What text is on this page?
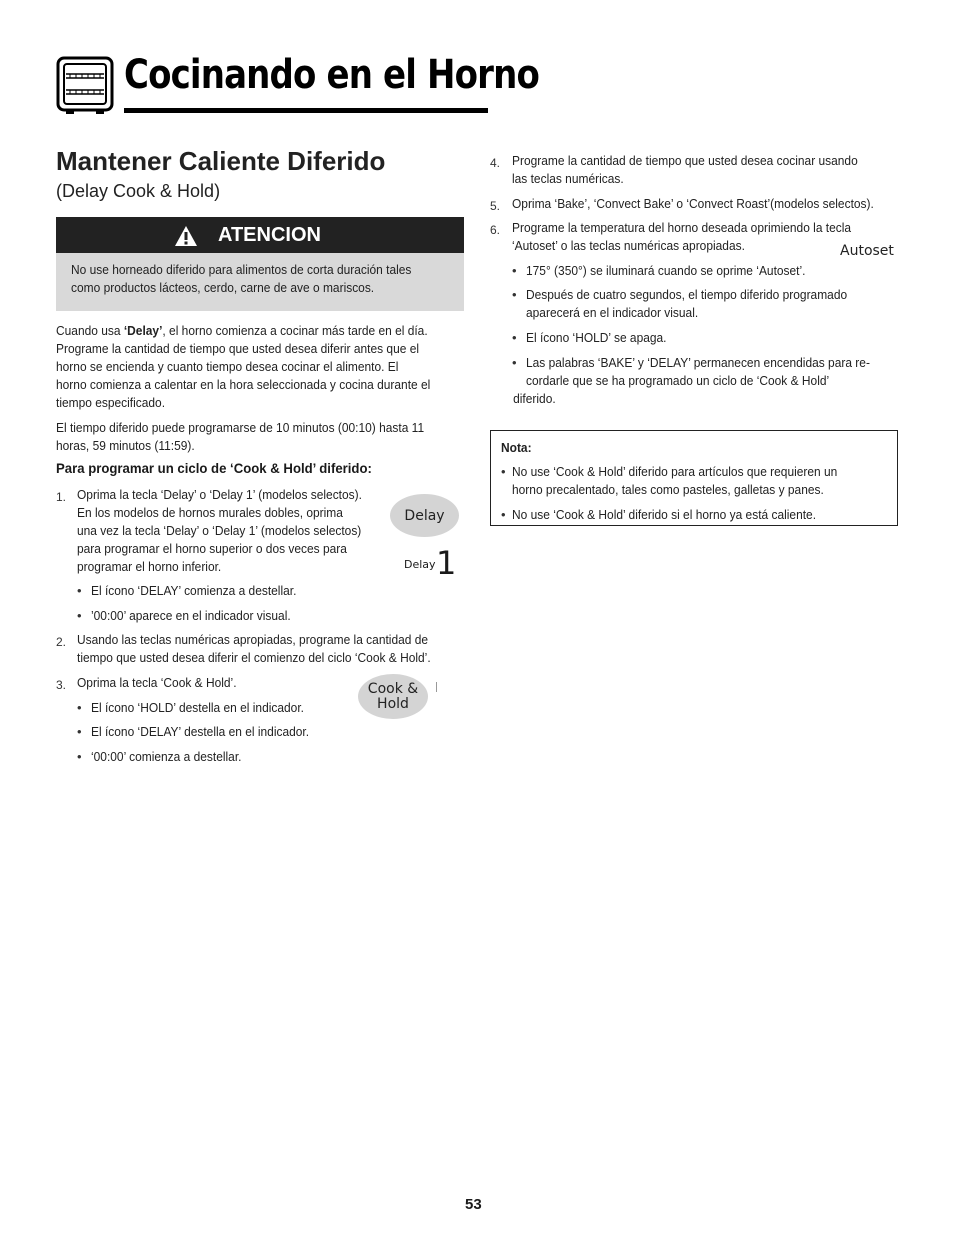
Cocinando en el Horno
Mantener Caliente Diferido
(Delay Cook & Hold)
ATENCION
No use horneado diferido para alimentos de corta duración tales
como productos lácteos, cerdo, carne de ave o mariscos.
Cuando usa ‘Delay’, el horno comienza a cocinar más tarde en el día.
Programe la cantidad de tiempo que usted desea diferir antes que el
horno se encienda y cuanto tiempo desea cocinar el alimento. El
horno comienza a calentar en la hora seleccionada y cocina durante el
tiempo especificado.
El tiempo diferido puede programarse de 10 minutos (00:10) hasta 11
horas, 59 minutos (11:59).
Para programar un ciclo de ‘Cook & Hold’ diferido:
1. Oprima la tecla ‘Delay’ o ‘Delay 1’ (modelos selectos).
En los modelos de hornos murales dobles, oprima
una vez la tecla ‘Delay’ o ‘Delay 1’ (modelos selectos)
para programar el horno superior o dos veces para
programar el horno inferior.
• El ícono ‘DELAY’ comienza a destellar.
• ’00:00’ aparece en el indicador visual.
2. Usando las teclas numéricas apropiadas, programe la cantidad de
tiempo que usted desea diferir el comienzo del ciclo ‘Cook & Hold’.
3. Oprima la tecla ‘Cook & Hold’.
• El ícono ‘HOLD’ destella en el indicador.
• El ícono ‘DELAY’ destella en el indicador.
• ‘00:00’ comienza a destellar.
Delay
Delay 1
Cook &
Hold
4. Programe la cantidad de tiempo que usted desea cocinar usando
las teclas numéricas.
5. Oprima ‘Bake’, ‘Convect Bake’ o ‘Convect Roast’(modelos selectos).
6. Programe la temperatura del horno deseada oprimiendo la tecla
‘Autoset’ o las teclas numéricas apropiadas.
• 175° (350°) se iluminará cuando se oprime ‘Autoset’.
• Después de cuatro segundos, el tiempo diferido programado
aparecerá en el indicador visual.
• El ícono ‘HOLD’ se apaga.
• Las palabras ‘BAKE’ y ‘DELAY’ permanecen encendidas para re-
cordarle que se ha programado un ciclo de ‘Cook & Hold’
diferido.
Autoset
Nota:
• No use ‘Cook & Hold’ diferido para artículos que requieren un
horno precalentado, tales como pasteles, galletas y panes.
• No use ‘Cook & Hold’ diferido si el horno ya está caliente.
53
